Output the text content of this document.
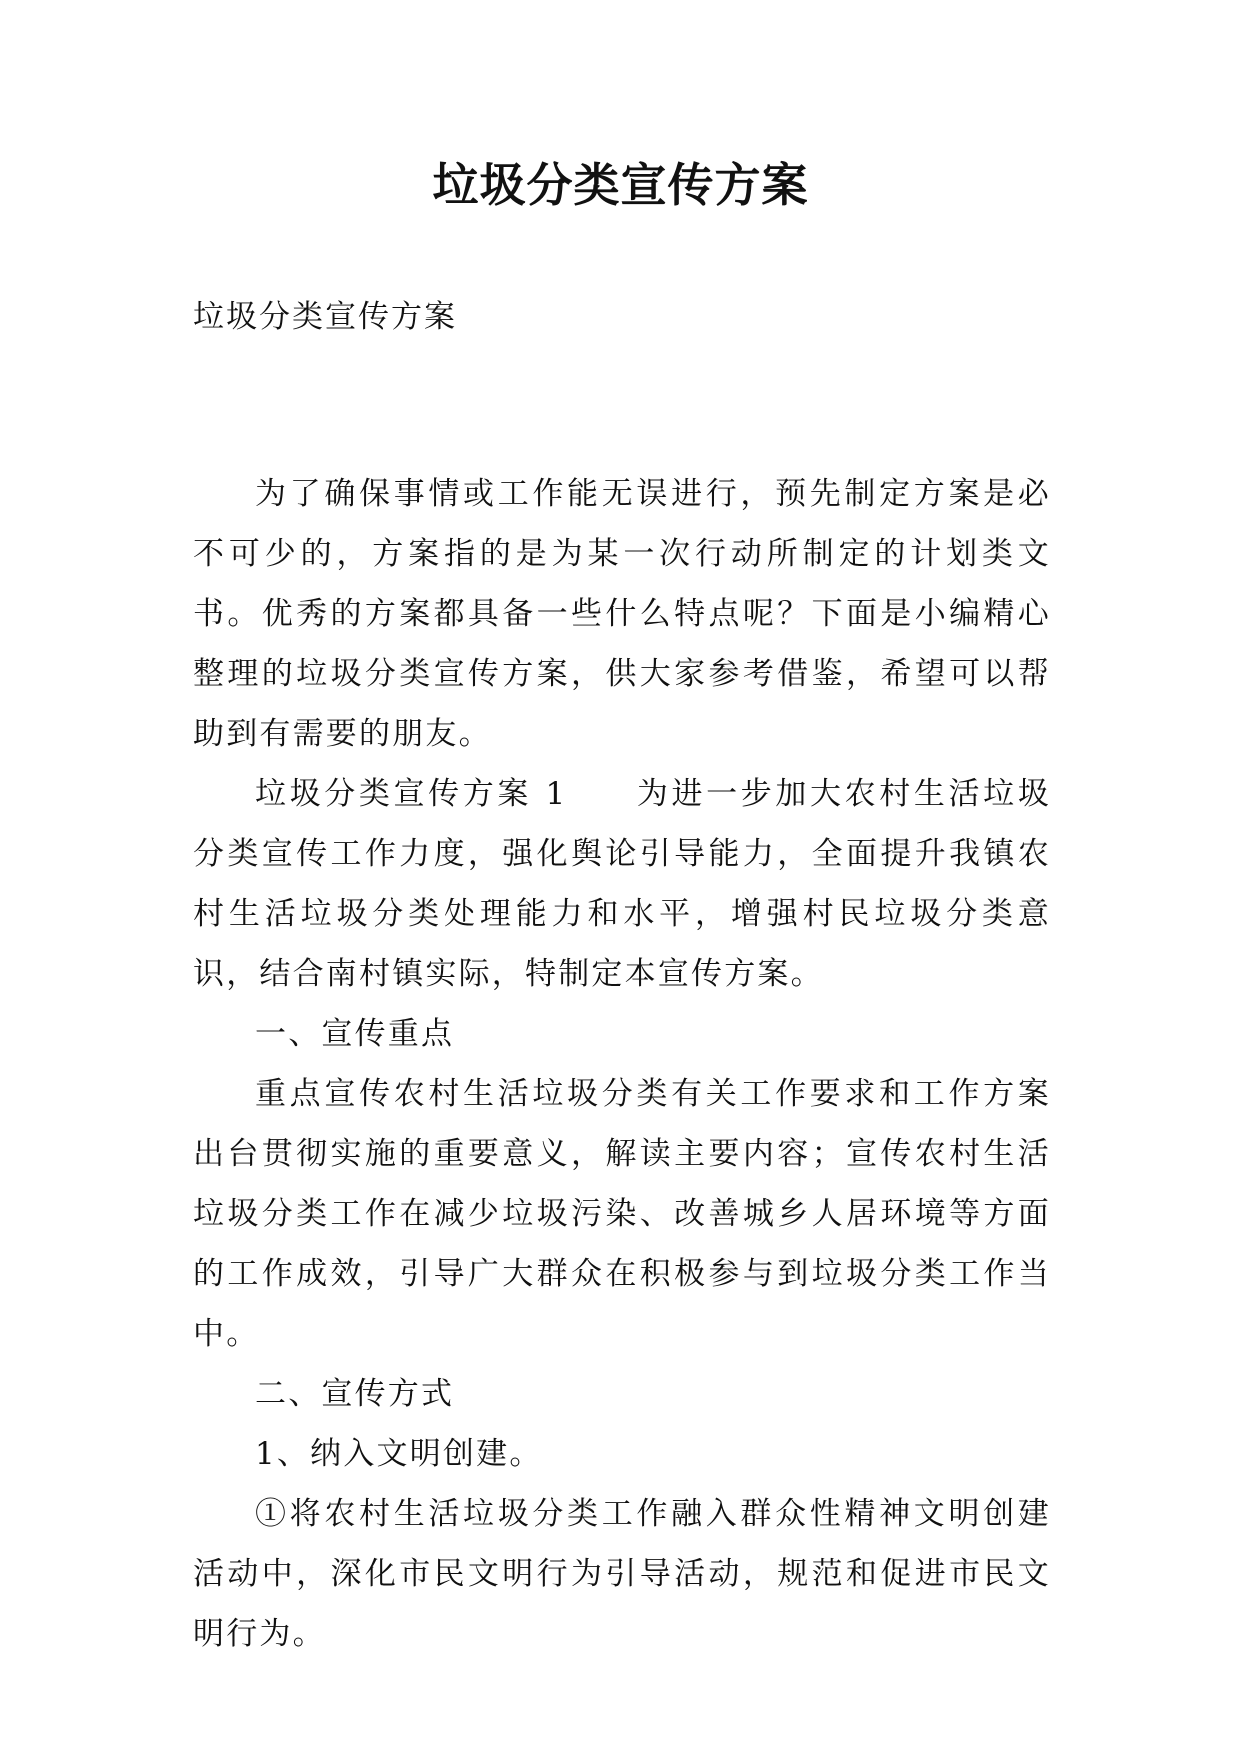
垃圾分类宣传方案

垃圾分类宣传方案

为了确保事情或工作能无误进行，预先制定方案是必不可少的，方案指的是为某一次行动所制定的计划类文书。优秀的方案都具备一些什么特点呢？下面是小编精心整理的垃圾分类宣传方案，供大家参考借鉴，希望可以帮助到有需要的朋友。

垃圾分类宣传方案 1 为进一步加大农村生活垃圾分类宣传工作力度，强化舆论引导能力，全面提升我镇农村生活垃圾分类处理能力和水平，增强村民垃圾分类意识，结合南村镇实际，特制定本宣传方案。

一、宣传重点

重点宣传农村生活垃圾分类有关工作要求和工作方案出台贯彻实施的重要意义，解读主要内容；宣传农村生活垃圾分类工作在减少垃圾污染、改善城乡人居环境等方面的工作成效，引导广大群众在积极参与到垃圾分类工作当中。

二、宣传方式

1、纳入文明创建。

①将农村生活垃圾分类工作融入群众性精神文明创建活动中，深化市民文明行为引导活动，规范和促进市民文明行为。
